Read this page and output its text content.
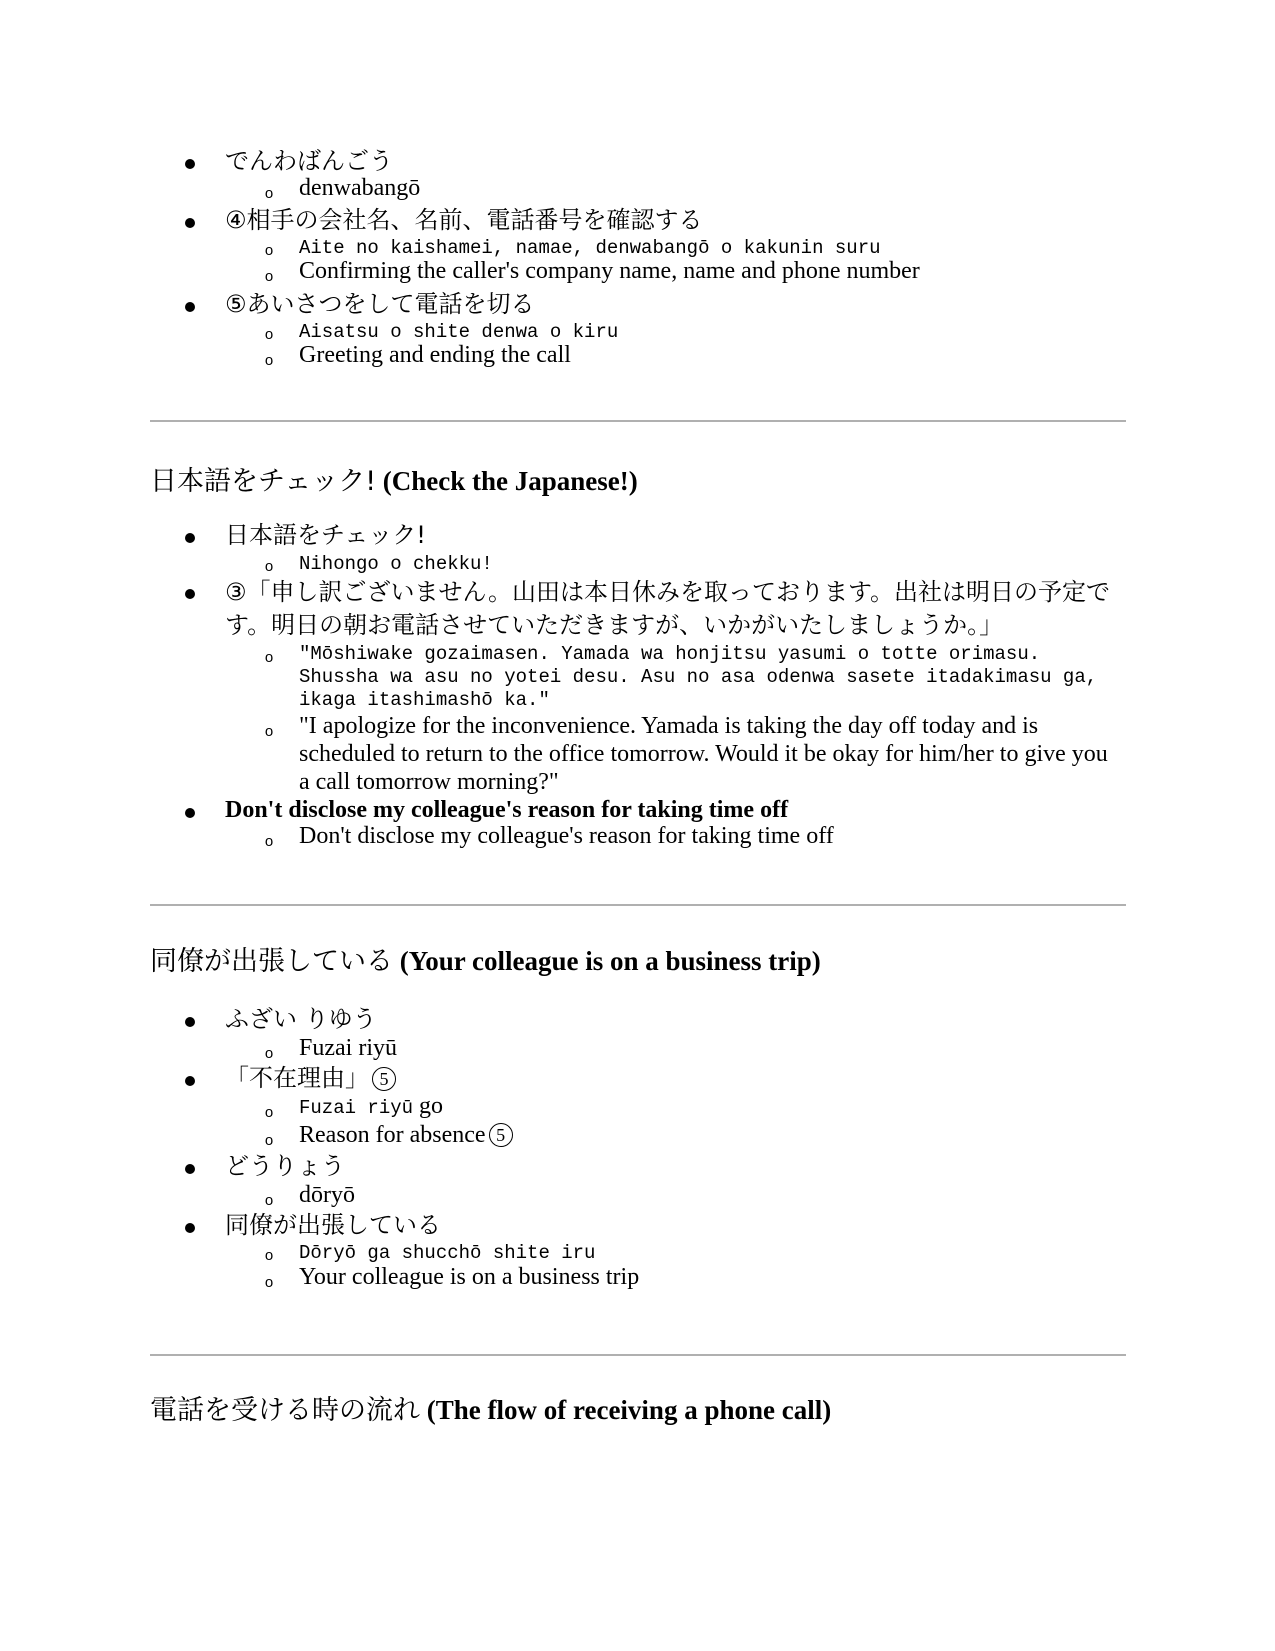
でんわばんごう
o denwabangō
④相手の会社名、名前、電話番号を確認する
o Aite no kaishamei, namae, denwabangō o kakunin suru
o Confirming the caller's company name, name and phone number
⑤あいさつをして電話を切る
o Aisatsu o shite denwa o kiru
o Greeting and ending the call
日本語をチェック! (Check the Japanese!)
日本語をチェック!
o Nihongo o chekku!
③「申し訳ございません。山田は本日休みを取っております。出社は明日の予定です。明日の朝お電話させていただきますが、いかがいたしましょうか。」
o "Mōshiwake gozaimasen. Yamada wa honjitsu yasumi o totte orimasu. Shussha wa asu no yotei desu. Asu no asa odenwa sasete itadakimasu ga, ikaga itashimashō ka."
o "I apologize for the inconvenience. Yamada is taking the day off today and is scheduled to return to the office tomorrow. Would it be okay for him/her to give you a call tomorrow morning?"
Don't disclose my colleague's reason for taking time off
o Don't disclose my colleague's reason for taking time off
同僚が出張している (Your colleague is on a business trip)
ふざい りゆう
o Fuzai riyū
「不在理由」 5
o Fuzai riyū go
o Reason for absence 5
どうりょう
o dōryō
同僚が出張している
o Dōryō ga shucchō shite iru
o Your colleague is on a business trip
電話を受ける時の流れ (The flow of receiving a phone call)
